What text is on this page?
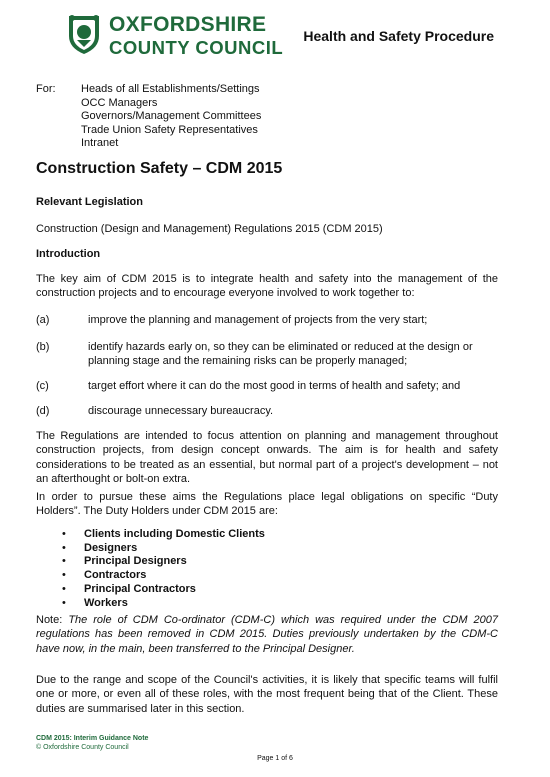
OXFORDSHIRE
COUNTY COUNCIL
Health and Safety Procedure
For: Heads of all Establishments/Settings
OCC Managers
Governors/Management Committees
Trade Union Safety Representatives
Intranet
Construction Safety – CDM 2015
Relevant Legislation
Construction (Design and Management) Regulations 2015 (CDM 2015)
Introduction
The key aim of CDM 2015 is to integrate health and safety into the management of the construction projects and to encourage everyone involved to work together to:
(a)	improve the planning and management of projects from the very start;
(b)	identify hazards early on, so they can be eliminated or reduced at the design or planning stage and the remaining risks can be properly managed;
(c)	target effort where it can do the most good in terms of health and safety; and
(d)	discourage unnecessary bureaucracy.
The Regulations are intended to focus attention on planning and management throughout construction projects, from design concept onwards. The aim is for health and safety considerations to be treated as an essential, but normal part of a project's development – not an afterthought or bolt-on extra.
In order to pursue these aims the Regulations place legal obligations on specific “Duty Holders”. The Duty Holders under CDM 2015 are:
• Clients including Domestic Clients
• Designers
• Principal Designers
• Contractors
• Principal Contractors
• Workers
Note: The role of CDM Co-ordinator (CDM-C) which was required under the CDM 2007 regulations has been removed in CDM 2015. Duties previously undertaken by the CDM-C have now, in the main, been transferred to the Principal Designer.
Due to the range and scope of the Council's activities, it is likely that specific teams will fulfil one or more, or even all of these roles, with the most frequent being that of the Client. These duties are summarised later in this section.
CDM 2015: Interim Guidance Note
© Oxfordshire County Council
Page 1 of 6
